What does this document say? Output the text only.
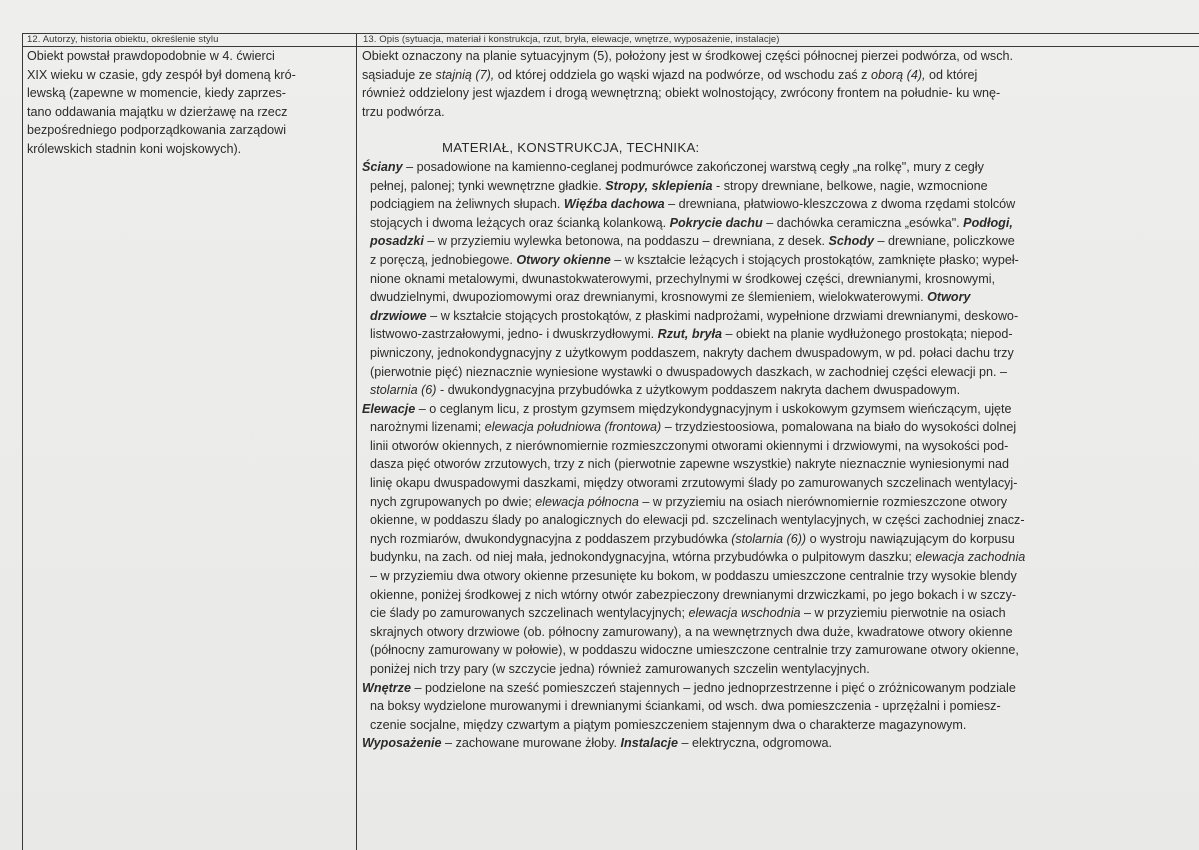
12. Autorzy, historia obiektu, określenie stylu	13. Opis (sytuacja, materiał i konstrukcja, rzut, bryła, elewacje, wnętrze, wyposażenie, instalacje)
Obiekt powstał prawdopodobnie w 4. ćwierci
XIX wieku w czasie, gdy zespół był domeną kró-
lewską (zapewne w momencie, kiedy zaprzes-
tano oddawania majątku w dzierżawę na rzecz
bezpośredniego podporządkowania zarządowi
królewskich stadnin koni wojskowych).
Obiekt oznaczony na planie sytuacyjnym (5), położony jest w środkowej części północnej pierzei podwórza, od wsch.
sąsiaduje ze stajnią (7), od której oddziela go wąski wjazd na podwórze, od wschodu zaś z oborą (4), od której
również oddzielony jest wjazdem i drogą wewnętrzną; obiekt wolnostojący, zwrócony frontem na południe- ku wnę-
trzu podwórza.
MATERIAŁ, KONSTRUKCJA, TECHNIKA:
Ściany – posadowione na kamienno-ceglanej podmurówce zakończonej warstwą cegły „na rolkę", mury z cegły
pełnej, palonej; tynki wewnętrzne gładkie. Stropy, sklepienia - stropy drewniane, belkowe, nagie, wzmocnione
podciągiem na żeliwnych słupach. Więźba dachowa – drewniana, płatwiowo-kleszczowa z dwoma rzędami stolców
stojących i dwoma leżących oraz ścianką kolankową. Pokrycie dachu – dachówka ceramiczna „esówka". Podłogi,
posadzki – w przyziemiu wylewka betonowa, na poddaszu – drewniana, z desek. Schody – drewniane, policzkowe
z poręczą, jednobiegowe. Otwory okienne – w kształcie leżących i stojących prostokątów, zamknięte płasko; wypeł-
nione oknami metalowymi, dwunastokwaterowymi, przechylnymi w środkowej części, drewnianymi, krosnowymi,
dwudzielnymi, dwupoziomowymi oraz drewnianymi, krosnowymi ze ślemieniem, wielokwaterowymi. Otwory
drzwiowe – w kształcie stojących prostokątów, z płaskimi nadprożami, wypełnione drzwiami drewnianymi, deskowo-
listwowo-zastrzałowymi, jedno- i dwuskrzydłowymi. Rzut, bryła – obiekt na planie wydłużonego prostokąta; niepod-
piwniczony, jednokondygnacyjny z użytkowym poddaszem, nakryty dachem dwuspadowym, w pd. połaci dachu trzy
(pierwotnie pięć) nieznacznie wyniesione wystawki o dwuspadowych daszkach, w zachodniej części elewacji pn. –
stolarnia (6) - dwukondygnacyjna przybudówka z użytkowym poddaszem nakryta dachem dwuspadowym.
Elewacje – o ceglanym licu, z prostym gzymsem międzykondygnacyjnym i uskokowym gzymsem wieńczącym, ujęte
narożnymi lizenami; elewacja południowa (frontowa) – trzydziestoosiowa, pomalowana na biało do wysokości dolnej
linii otworów okiennych, z nierównomiernie rozmieszczonymi otworami okiennymi i drzwiowymi, na wysokości pod-
dasza pięć otworów zrzutowych, trzy z nich (pierwotnie zapewne wszystkie) nakryte nieznacznie wyniesionymi nad
linię okapu dwuspadowymi daszkami, między otworami zrzutowymi ślady po zamurowanych szczelinach wentylacyj-
nych zgrupowanych po dwie; elewacja północna – w przyziemiu na osiach nierównomiernie rozmieszczone otwory
okienne, w poddaszu ślady po analogicznych do elewacji pd. szczelinach wentylacyjnych, w części zachodniej znacz-
nych rozmiarów, dwukondygnacyjna z poddaszem przybudówka (stolarnia (6)) o wystroju nawiązującym do korpusu
budynku, na zach. od niej mała, jednokondygnacyjna, wtórna przybudówka o pulpitowym daszku; elewacja zachodnia
– w przyziemiu dwa otwory okienne przesunięte ku bokom, w poddaszu umieszczone centralnie trzy wysokie blendy
okienne, poniżej środkowej z nich wtórny otwór zabezpieczony drewnianymi drzwiczkami, po jego bokach i w szczy-
cie ślady po zamurowanych szczelinach wentylacyjnych; elewacja wschodnia – w przyziemiu pierwotnie na osiach
skrajnych otwory drzwiowe (ob. północny zamurowany), a na wewnętrznych dwa duże, kwadratowe otwory okienne
(północny zamurowany w połowie), w poddaszu widoczne umieszczone centralnie trzy zamurowane otwory okienne,
poniżej nich trzy pary (w szczycie jedna) również zamurowanych szczelin wentylacyjnych.
Wnętrze – podzielone na sześć pomieszczeń stajennych – jedno jednoprzestrzenne i pięć o zróżnicowanym podziale
na boksy wydzielone murowanymi i drewnianymi ściankami, od wsch. dwa pomieszczenia - uprzężalni i pomiesz-
czenie socjalne, między czwartym a piątym pomieszczeniem stajennym dwa o charakterze magazynowym.
Wyposażenie – zachowane murowane żłoby. Instalacje – elektryczna, odgromowa.
